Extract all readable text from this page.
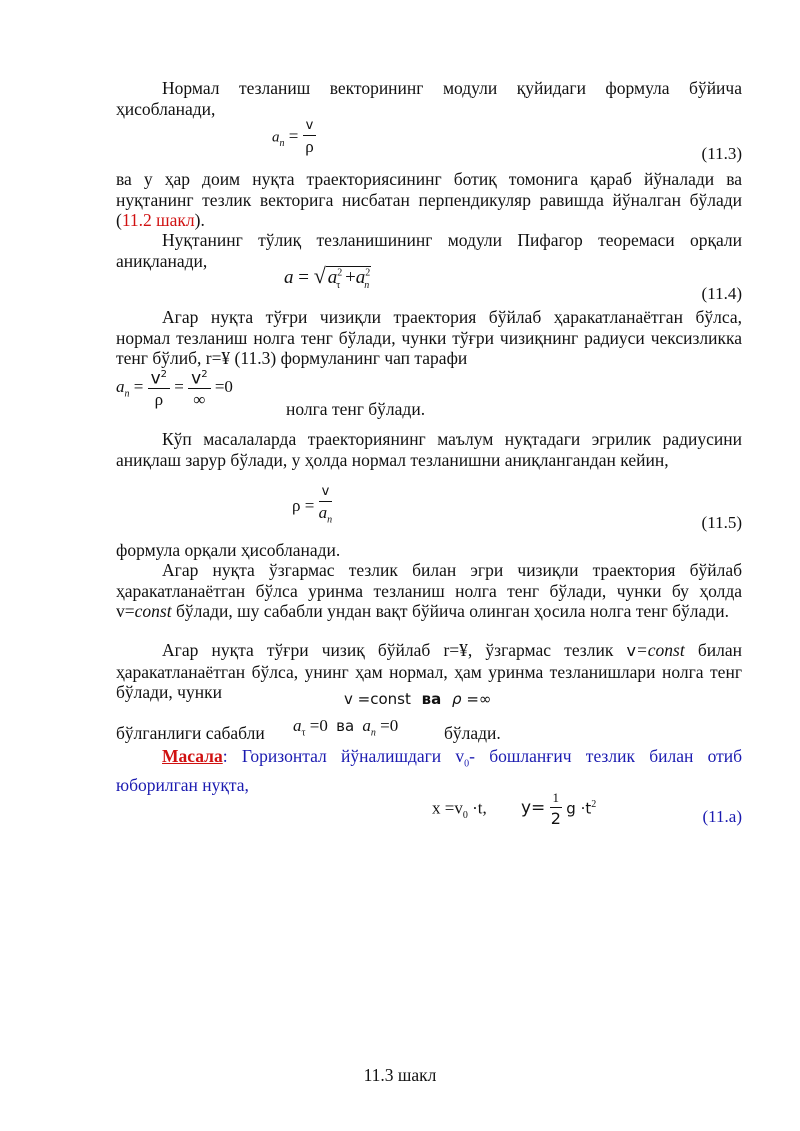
Нормал тезланиш векторининг модули қуйидаги формула бўйича ҳисобланади,
$a_n = \frac{v}{\rho}$	(11.3)
ва у ҳар доим нуқта траекториясининг ботиқ томонига қараб йўналади ва нуқтанинг тезлик векторига нисбатан перпендикуляр равишда йўналган бўлади (11.2 шакл).
Нуқтанинг тўлиқ тезланишининг модули Пифагор теоремаси орқали аниқланади,
a = √ $a^2_\tau +a^2_n$	(11.4)
Агар нуқта тўғри чизиқли траектория бўйлаб ҳаракатланаётган бўлса, нормал тезланиш нолга тенг бўлади, чунки тўғри чизиқнинг радиуси чексизликка тенг бўлиб, r=¥ (11.3) формуланинг чап тарафи
$a_n = \frac{v^2}{\rho} = \frac{v^2}{\infty} =0$
нолга тенг бўлади.
Кўп масалаларда траекториянинг маълум нуқтадаги эгрилик радиусини аниқлаш зарур бўлади, у ҳолда нормал тезланишни аниқлангандан кейин,
$\rho = \frac{v}{a_n}$	(11.5)
формула орқали ҳисобланади.
Агар нуқта ўзгармас тезлик билан эгри чизиқли траектория бўйлаб ҳаракатланаётган бўлса уринма тезланиш нолга тенг бўлади, чунки бу ҳолда v=const бўлади, шу сабабли ундан вақт бўйича олинган ҳосила нолга тенг бўлади.
Агар нуқта тўғри чизиқ бўйлаб r=¥, ўзгармас тезлик v=const билан ҳаракатланаётган бўлса, унинг ҳам нормал, ҳам уринма тезланишлари нолга тенг бўлади, чунки	v =const ва ρ =∞
бўлганлиги сабабли $a_\tau =0$ ва $a_n =0$	бўлади.
Масала: Горизонтал йўналишдаги $v_0-$ бошланғич тезлик билан отиб юборилган нуқта,
$x =v_0 \cdot t$, $y= \frac{1}{2}$ $g \cdot t^2$
(11.a)
11.3 шакл
